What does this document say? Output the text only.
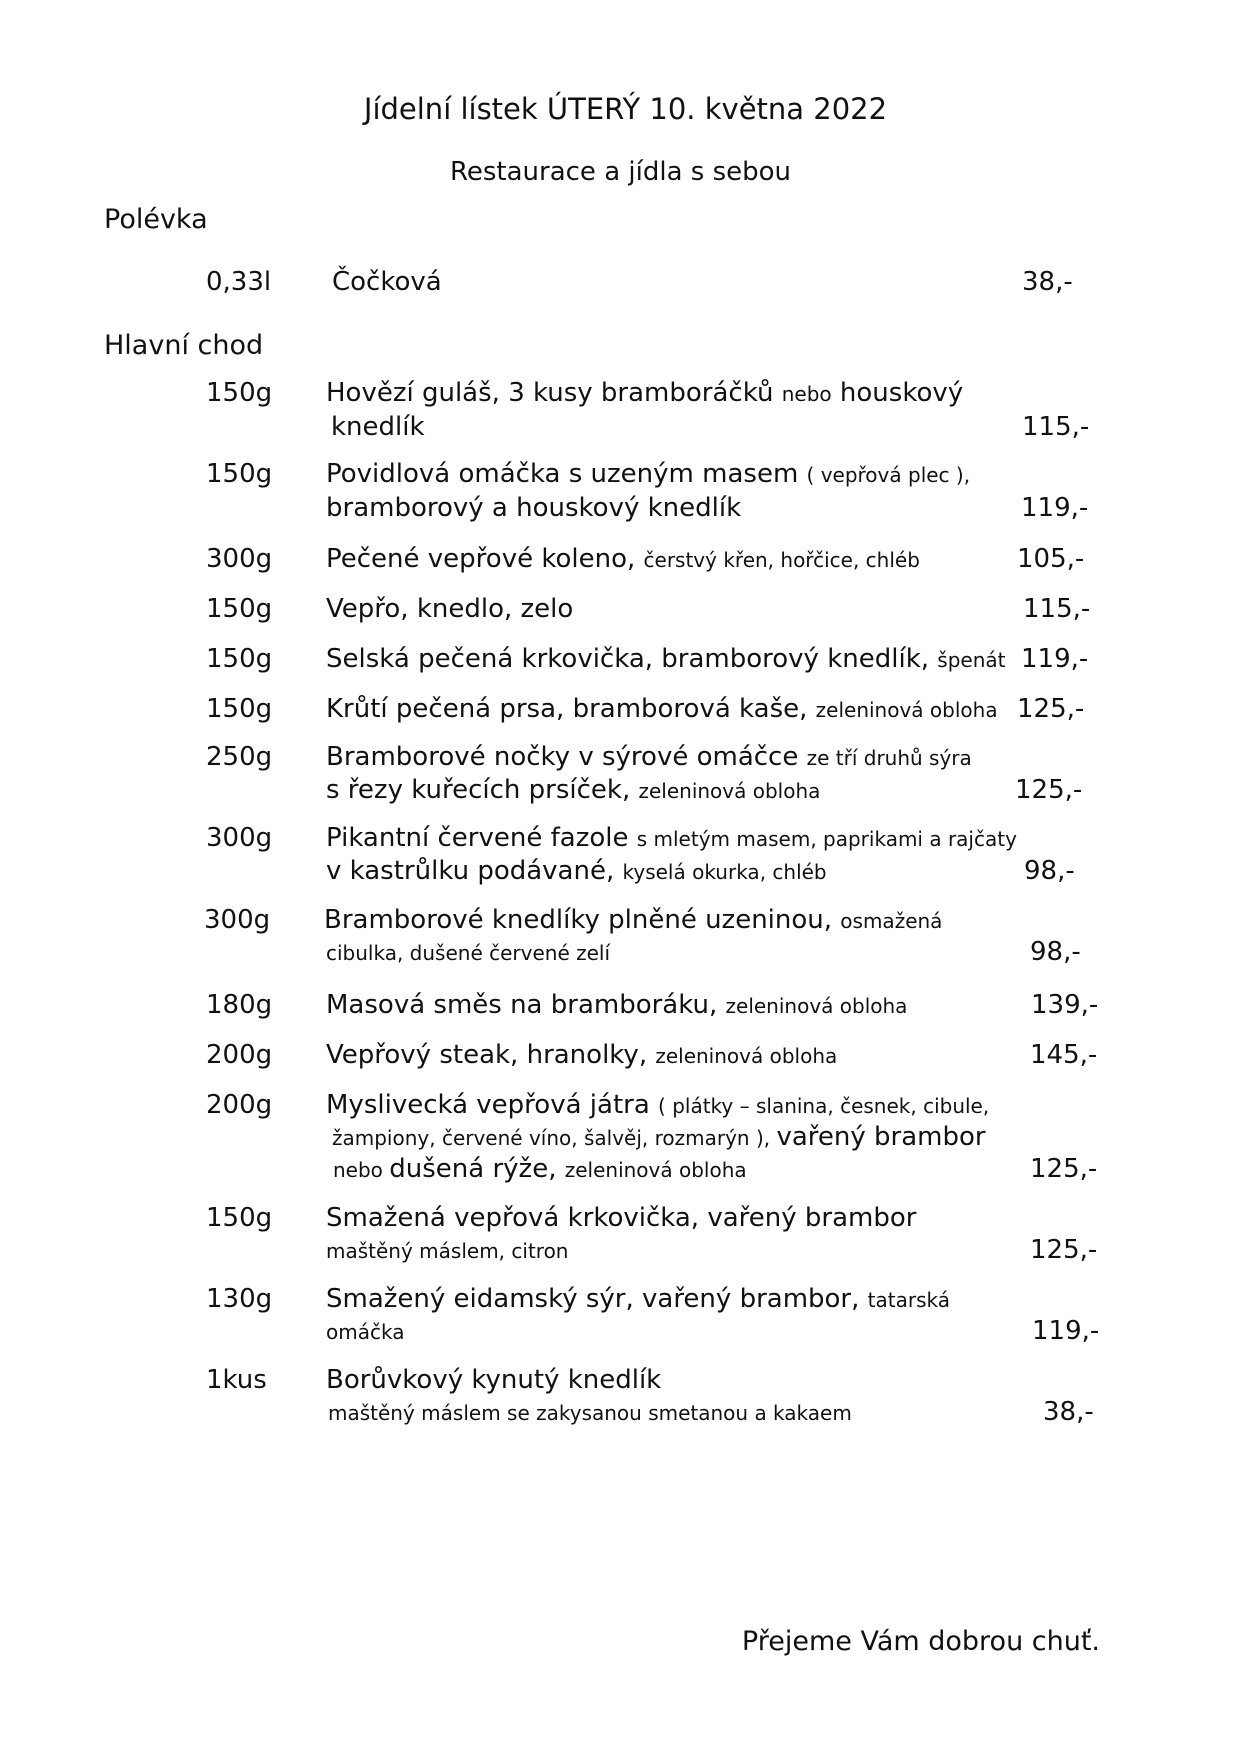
Jídelní lístek ÚTERÝ 10. května 2022
Restaurace a jídla s sebou
Polévka
0,33l Čočková	38,-
Hlavní chod
150g Hovězí guláš, 3 kusy bramboráčků nebo houskový
knedlík	115,-
150g Povidlová omáčka s uzeným masem ( vepřová plec ),
bramborový a houskový knedlík	119,-
300g Pečené vepřové koleno, čerstvý křen, hořčice, chléb	105,-
150g Vepřo, knedlo, zelo	115,-
150g Selská pečená krkovička, bramborový knedlík, špenát 119,-
150g Krůtí pečená prsa, bramborová kaše, zeleninová obloha 125,-
250g Bramborové nočky v sýrové omáčce ze tří druhů sýra
s řezy kuřecích prsíček, zeleninová obloha	125,-
300g Pikantní červené fazole s mletým masem, paprikami a rajčaty
v kastrůlku podávané, kyselá okurka, chléb	98,-
300g Bramborové knedlíky plněné uzeninou, osmažená
cibulka, dušené červené zelí	98,-
180g Masová směs na bramboráku, zeleninová obloha	139,-
200g Vepřový steak, hranolky, zeleninová obloha	145,-
200g Myslivecká vepřová játra ( plátky – slanina, česnek, cibule,
žampiony, červené víno, šalvěj, rozmarýn ), vařený brambor
nebo dušená rýže, zeleninová obloha	125,-
150g Smažená vepřová krkovička, vařený brambor
maštěný máslem, citron	125,-
130g Smažený eidamský sýr, vařený brambor, tatarská
omáčka	119,-
1kus Borůvkový kynutý knedlík
maštěný máslem se zakysanou smetanou a kakaem	38,-
Přejeme Vám dobrou chuť.
